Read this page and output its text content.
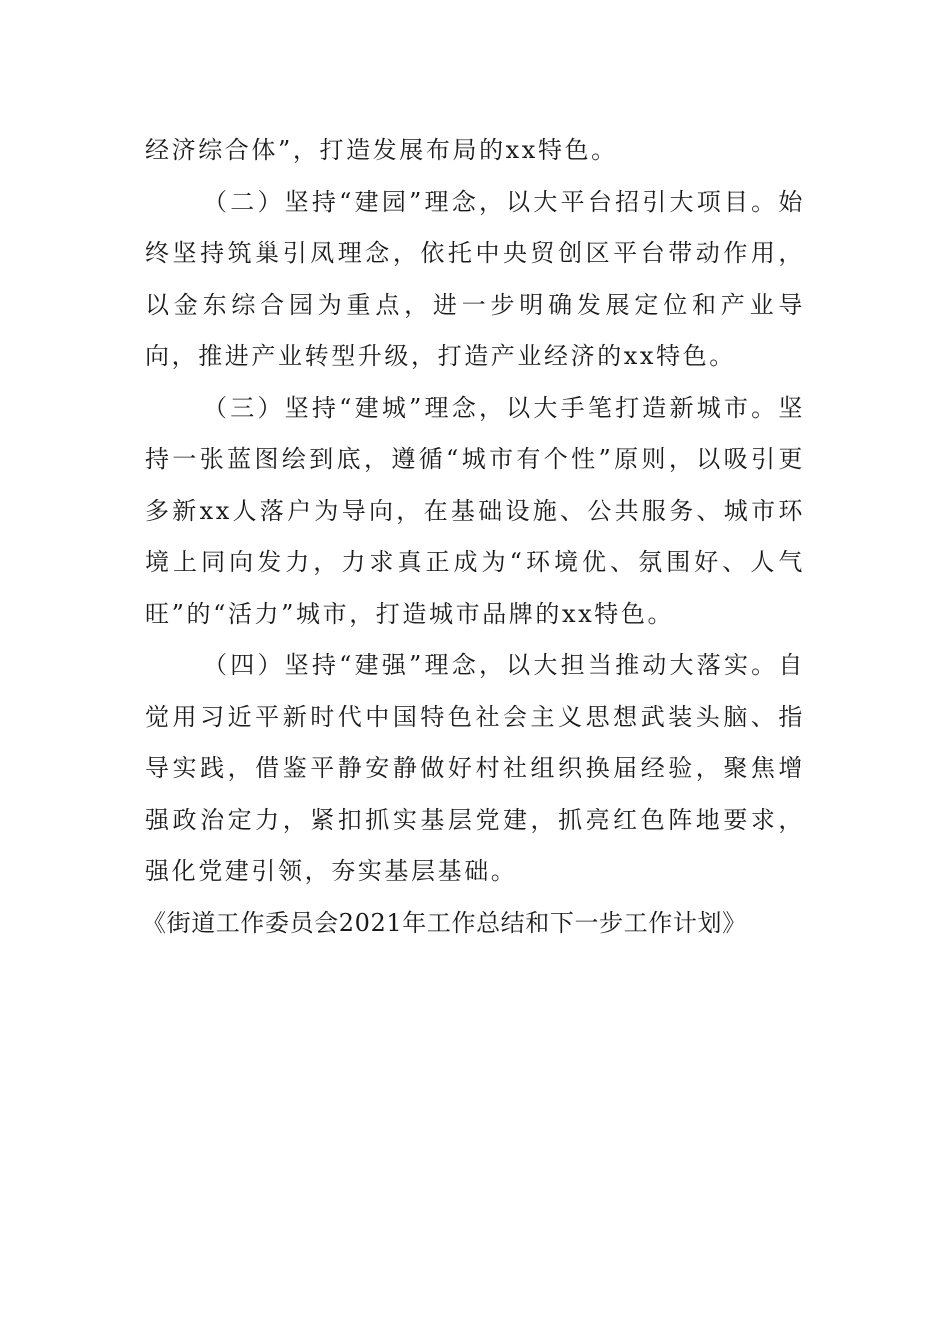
经济综合体”，打造发展布局的xx特色。

（二）坚持“建园”理念，以大平台招引大项目。始终坚持筑巢引凤理念，依托中央贸创区平台带动作用，以金东综合园为重点，进一步明确发展定位和产业导向，推进产业转型升级，打造产业经济的xx特色。

（三）坚持“建城”理念，以大手笔打造新城市。坚持一张蓝图绘到底，遵循“城市有个性”原则，以吸引更多新xx人落户为导向，在基础设施、公共服务、城市环境上同向发力，力求真正成为“环境优、氛围好、人气旺”的“活力”城市，打造城市品牌的xx特色。

（四）坚持“建强”理念，以大担当推动大落实。自觉用习近平新时代中国特色社会主义思想武装头脑、指导实践，借鉴平静安静做好村社组织换届经验，聚焦增强政治定力，紧扣抓实基层党建，抓亮红色阵地要求，强化党建引领，夯实基层基础。

《街道工作委员会2021年工作总结和下一步工作计划》
